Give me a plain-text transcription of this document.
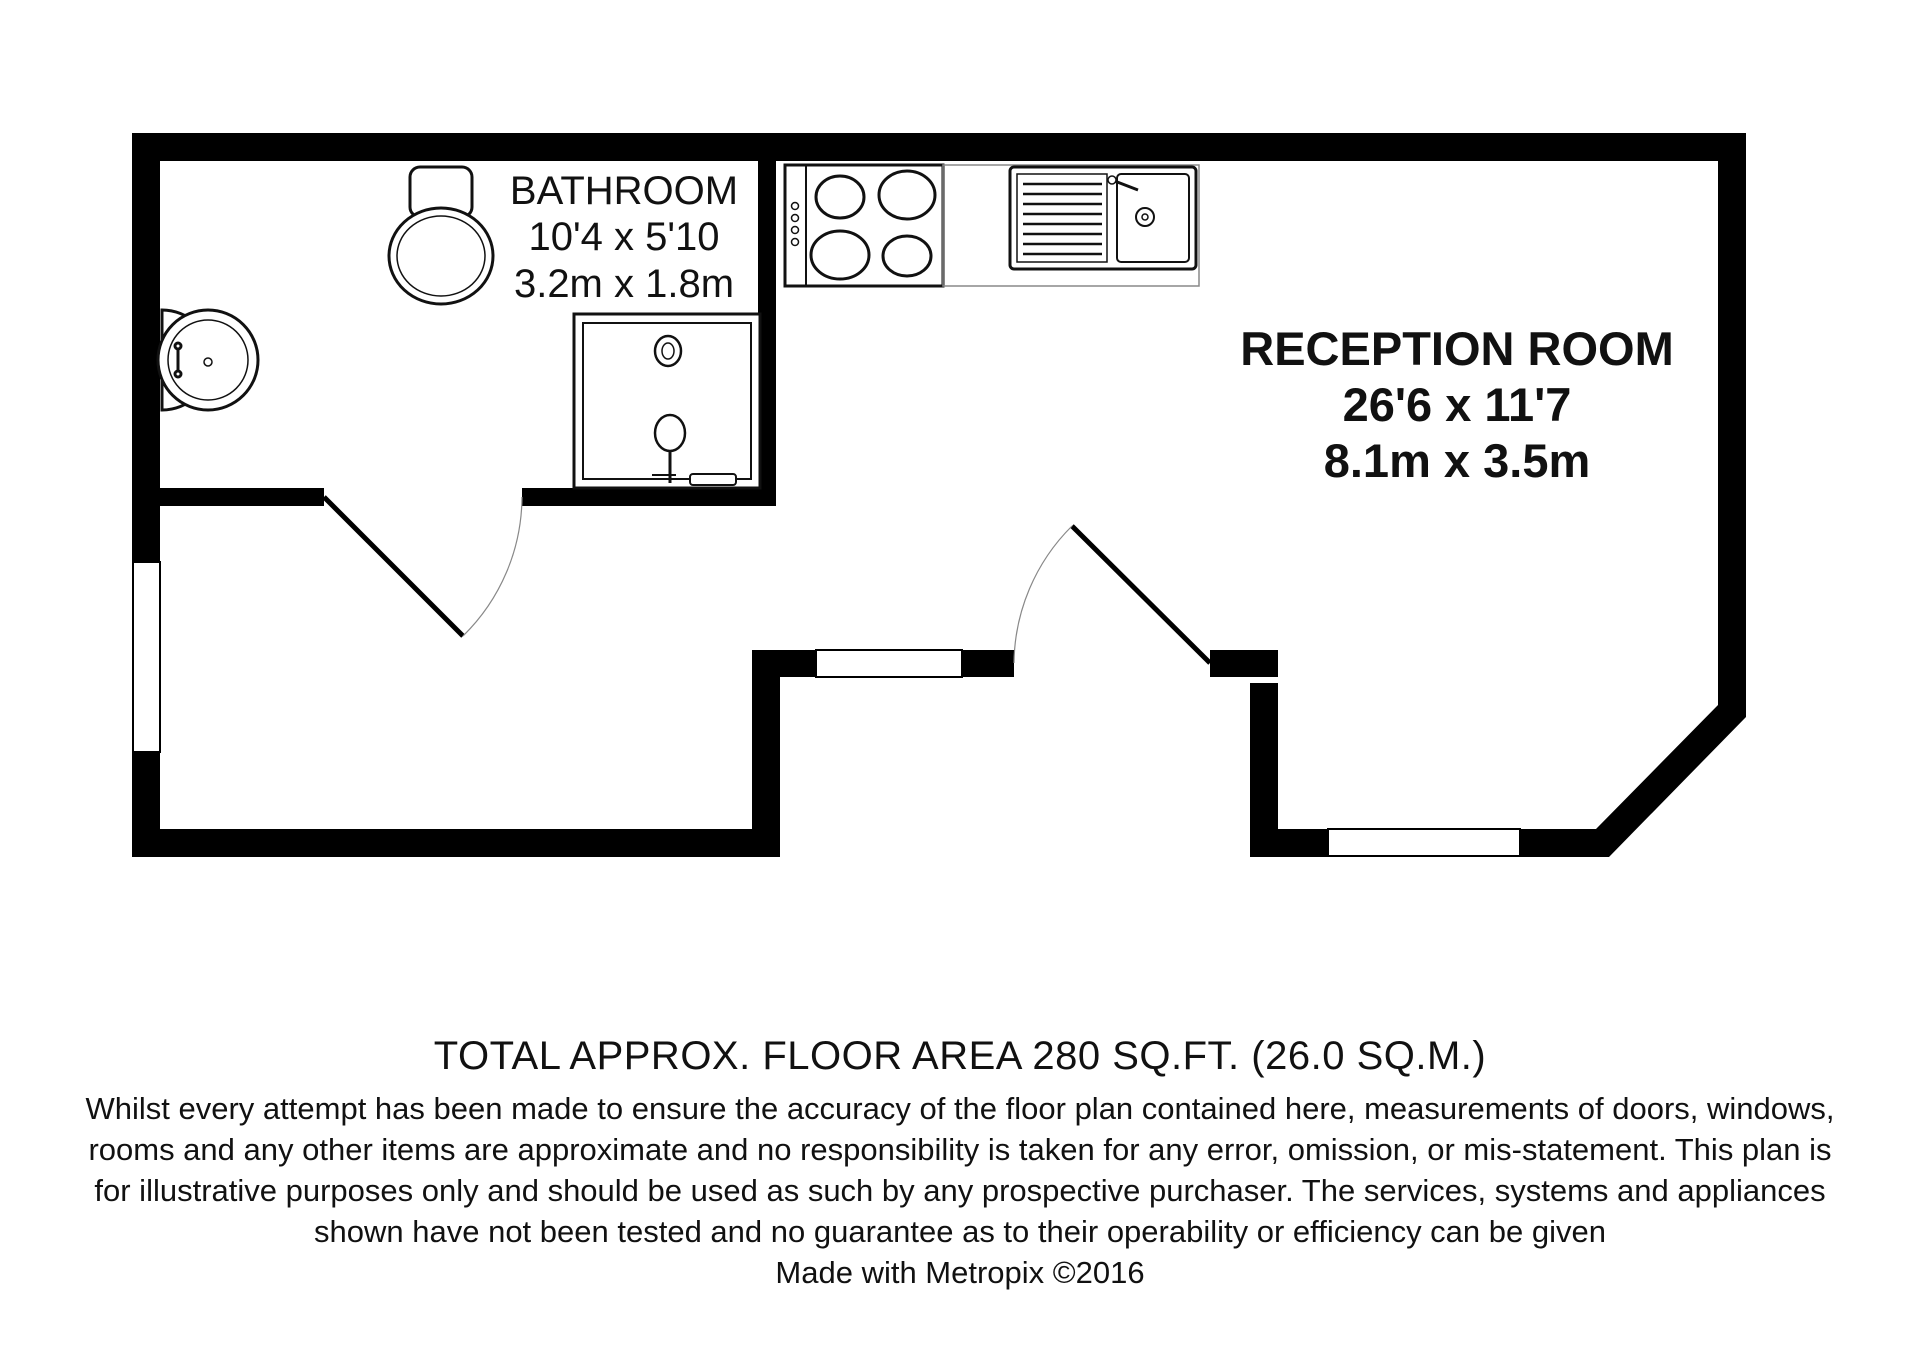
BATHROOM
10'4 x 5'10
3.2m x 1.8m
RECEPTION ROOM
26'6 x 11'7
8.1m x 3.5m
TOTAL APPROX. FLOOR AREA 280 SQ.FT. (26.0 SQ.M.)
Whilst every attempt has been made to ensure the accuracy of the floor plan contained here, measurements of doors, windows, rooms and any other items are approximate and no responsibility is taken for any error, omission, or mis-statement. This plan is for illustrative purposes only and should be used as such by any prospective purchaser. The services, systems and appliances shown have not been tested and no guarantee as to their operability or efficiency can be given
Made with Metropix ©2016
